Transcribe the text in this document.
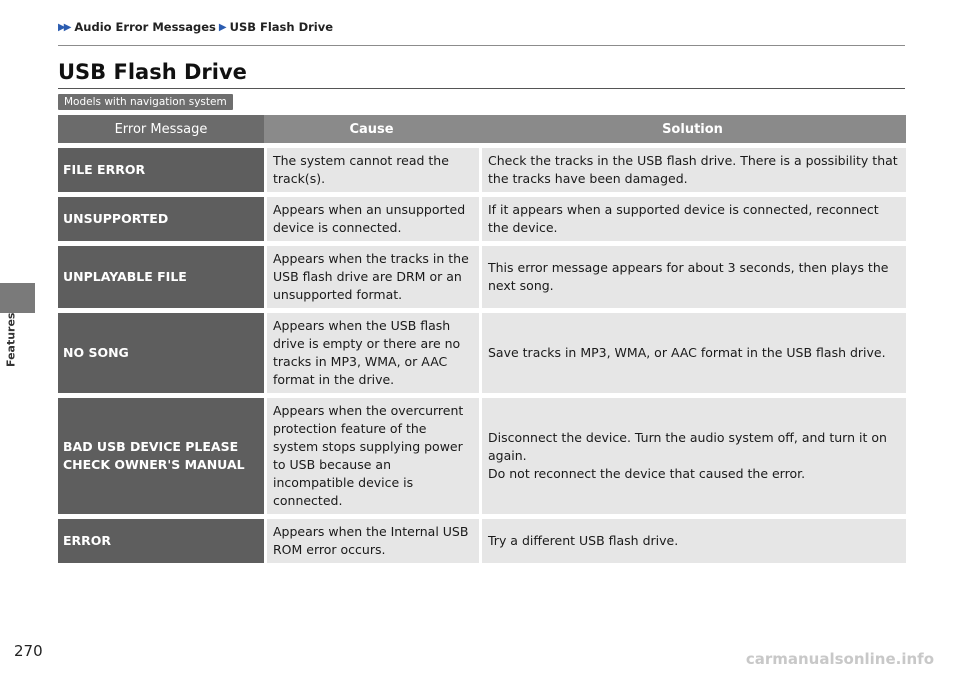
▶▶ Audio Error Messages ▶ USB Flash Drive
Features
USB Flash Drive
Models with navigation system
Error Message	Cause	Solution
FILE ERROR	The system cannot read the track(s).	Check the tracks in the USB flash drive. There is a possibility that the tracks have been damaged.
UNSUPPORTED	Appears when an unsupported device is connected.	If it appears when a supported device is connected, reconnect the device.
UNPLAYABLE FILE	Appears when the tracks in the USB flash drive are DRM or an unsupported format.	This error message appears for about 3 seconds, then plays the next song.
NO SONG	Appears when the USB flash drive is empty or there are no tracks in MP3, WMA, or AAC format in the drive.	Save tracks in MP3, WMA, or AAC format in the USB flash drive.
BAD USB DEVICE PLEASE CHECK OWNER'S MANUAL	Appears when the overcurrent protection feature of the system stops supplying power to USB because an incompatible device is connected.	Disconnect the device. Turn the audio system off, and turn it on again.
Do not reconnect the device that caused the error.

ERROR	Appears when the Internal USB ROM error occurs.	Try a different USB flash drive.
270	carmanualsonline.info
